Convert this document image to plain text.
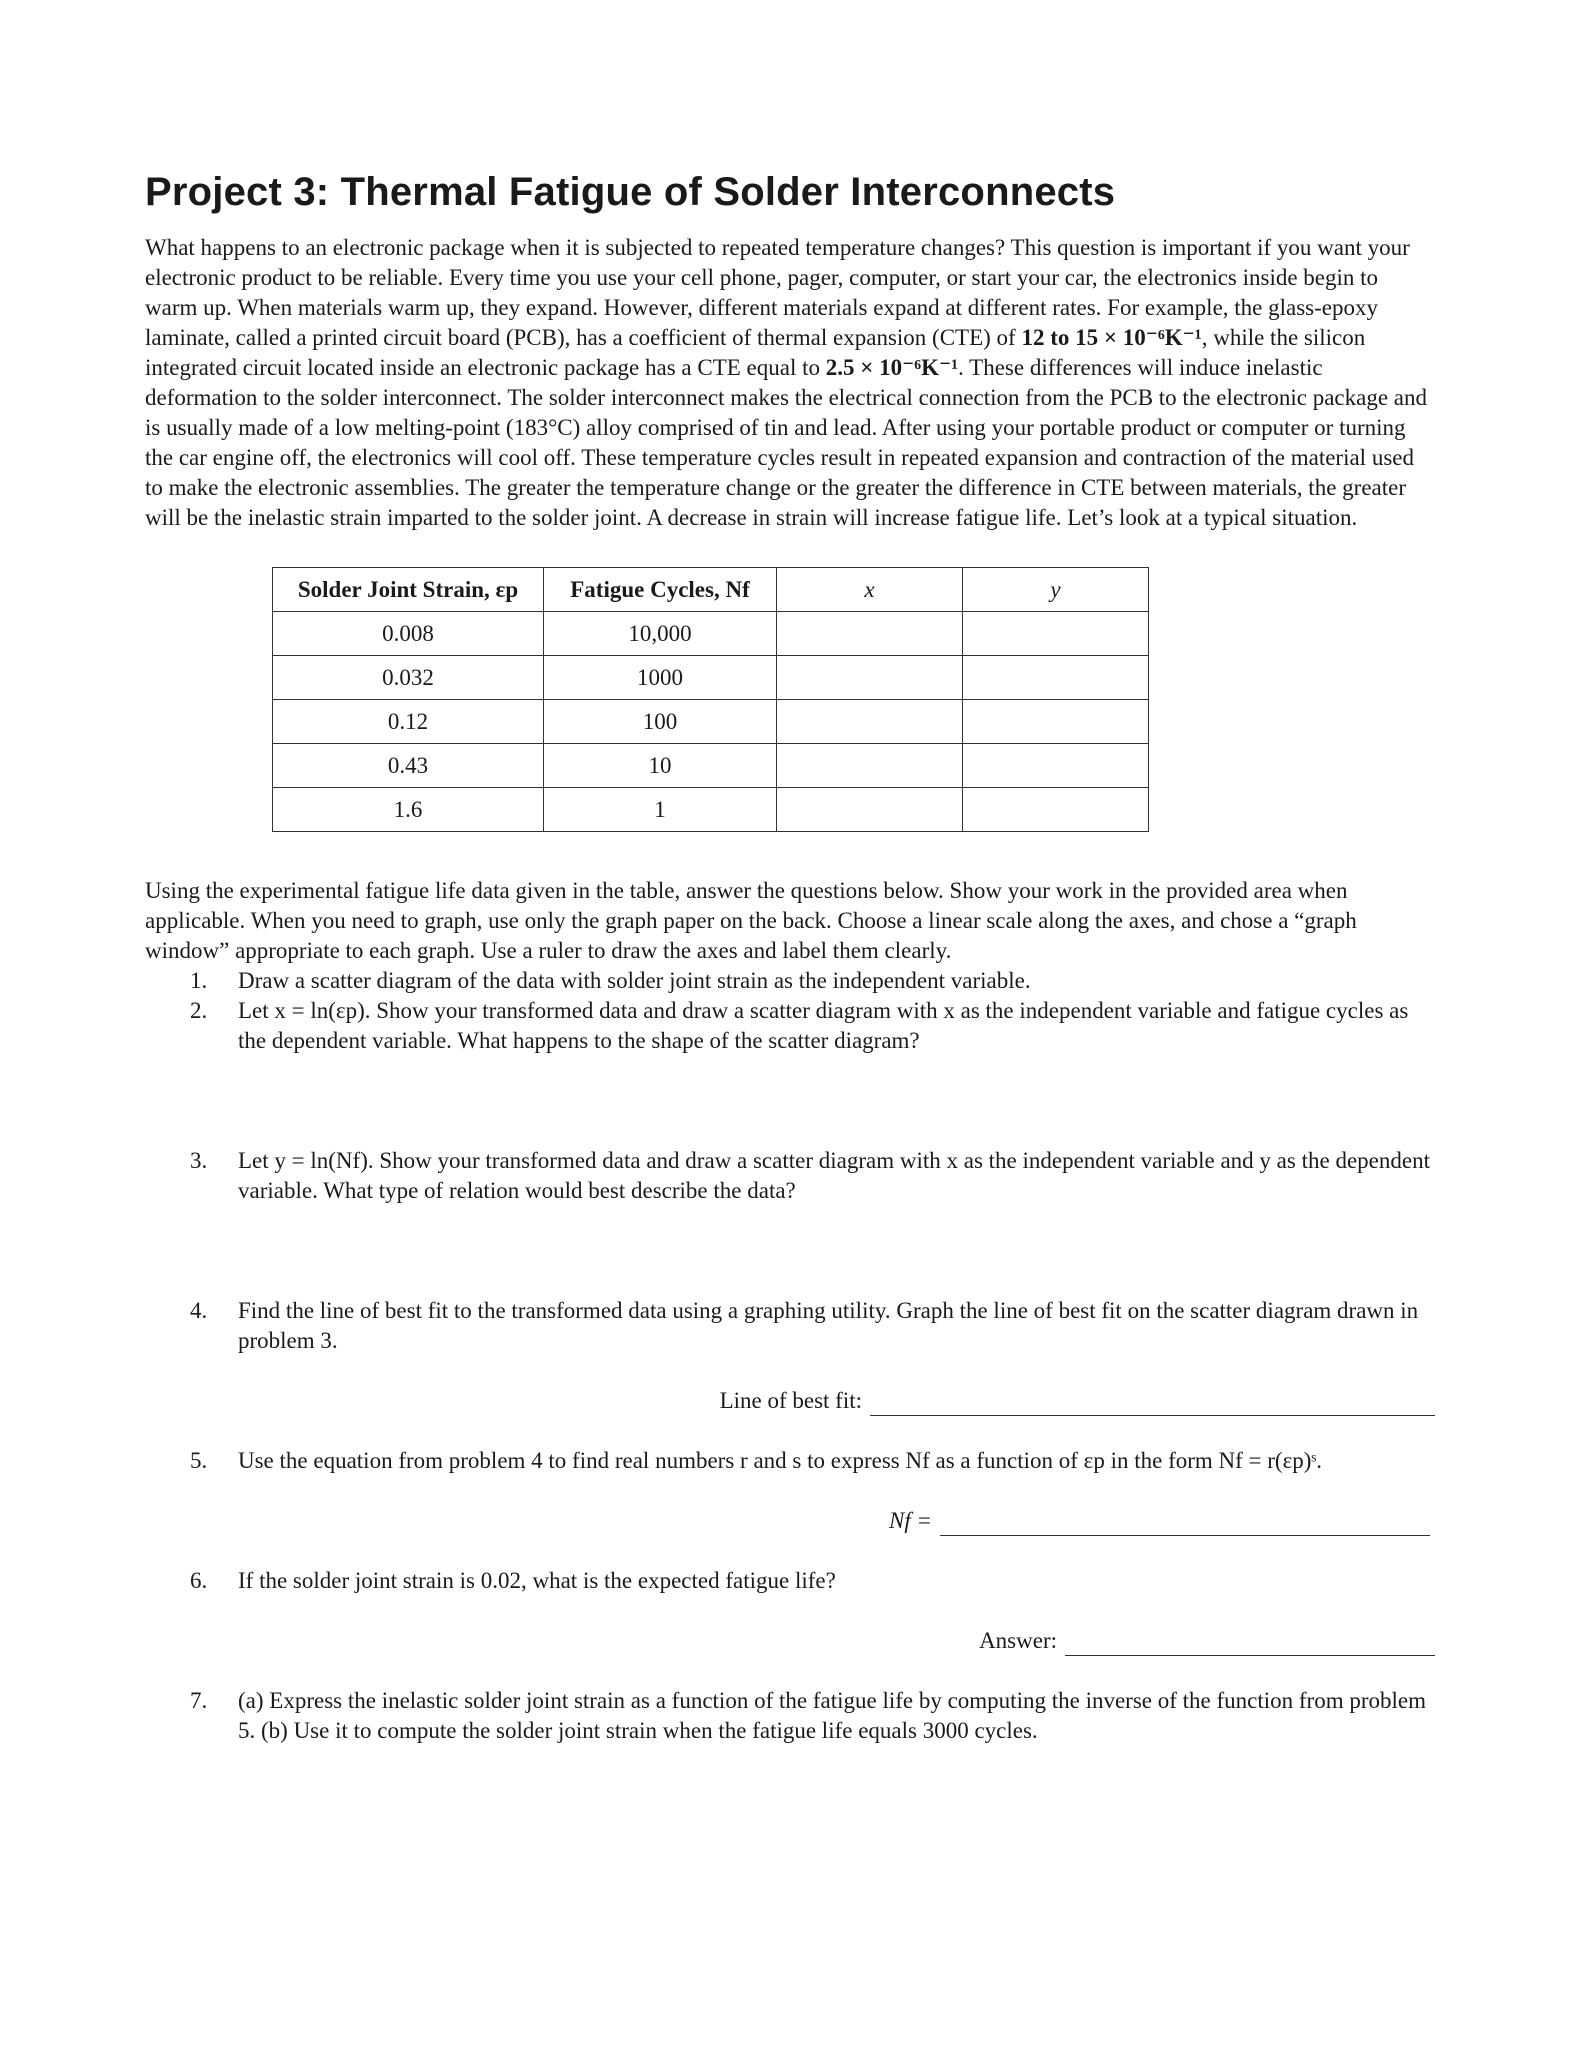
Project 3: Thermal Fatigue of Solder Interconnects

What happens to an electronic package when it is subjected to repeated temperature changes? This question is important if you want your electronic product to be reliable. Every time you use your cell phone, pager, computer, or start your car, the electronics inside begin to warm up. When materials warm up, they expand. However, different materials expand at different rates. For example, the glass-epoxy laminate, called a printed circuit board (PCB), has a coefficient of thermal expansion (CTE) of 12 to 15 × 10⁻⁶K⁻¹, while the silicon integrated circuit located inside an electronic package has a CTE equal to 2.5 × 10⁻⁶K⁻¹. These differences will induce inelastic deformation to the solder interconnect. The solder interconnect makes the electrical connection from the PCB to the electronic package and is usually made of a low melting-point (183°C) alloy comprised of tin and lead. After using your portable product or computer or turning the car engine off, the electronics will cool off. These temperature cycles result in repeated expansion and contraction of the material used to make the electronic assemblies. The greater the temperature change or the greater the difference in CTE between materials, the greater will be the inelastic strain imparted to the solder joint. A decrease in strain will increase fatigue life. Let’s look at a typical situation.

Solder Joint Strain, εp	Fatigue Cycles, Nf	x	y
0.008	10,000		
0.032	1000		
0.12	100		
0.43	10		
1.6	1		

Using the experimental fatigue life data given in the table, answer the questions below. Show your work in the provided area when applicable. When you need to graph, use only the graph paper on the back. Choose a linear scale along the axes, and chose a “graph window” appropriate to each graph. Use a ruler to draw the axes and label them clearly.

1. Draw a scatter diagram of the data with solder joint strain as the independent variable.
2. Let x = ln(εp). Show your transformed data and draw a scatter diagram with x as the independent variable and fatigue cycles as the dependent variable. What happens to the shape of the scatter diagram?
3. Let y = ln(Nf). Show your transformed data and draw a scatter diagram with x as the independent variable and y as the dependent variable. What type of relation would best describe the data?
4. Find the line of best fit to the transformed data using a graphing utility. Graph the line of best fit on the scatter diagram drawn in problem 3.
Line of best fit:
5. Use the equation from problem 4 to find real numbers r and s to express Nf as a function of εp in the form Nf = r(εp)ˢ.
Nf =
6. If the solder joint strain is 0.02, what is the expected fatigue life?
Answer:
7. (a) Express the inelastic solder joint strain as a function of the fatigue life by computing the inverse of the function from problem 5. (b) Use it to compute the solder joint strain when the fatigue life equals 3000 cycles.
